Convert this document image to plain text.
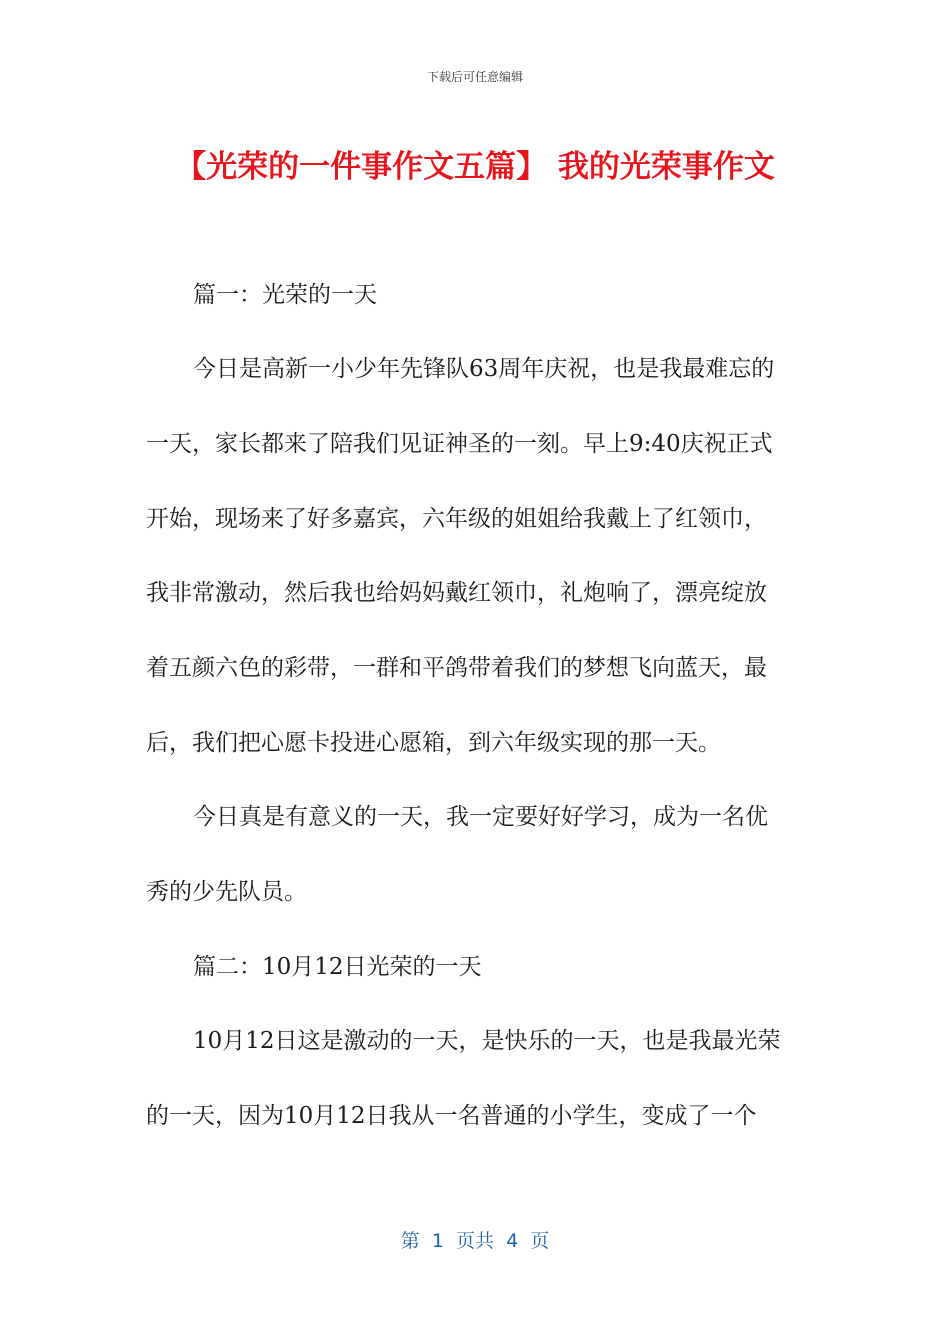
下载后可任意编辑
【光荣的一件事作文五篇】 我的光荣事作文
篇一：光荣的一天
今日是高新一小少年先锋队63周年庆祝，也是我最难忘的
一天，家长都来了陪我们见证神圣的一刻。早上9:40庆祝正式
开始，现场来了好多嘉宾，六年级的姐姐给我戴上了红领巾，
我非常激动，然后我也给妈妈戴红领巾，礼炮响了，漂亮绽放
着五颜六色的彩带，一群和平鸽带着我们的梦想飞向蓝天，最
后，我们把心愿卡投进心愿箱，到六年级实现的那一天。
今日真是有意义的一天，我一定要好好学习，成为一名优
秀的少先队员。
篇二：10月12日光荣的一天
10月12日这是激动的一天，是快乐的一天，也是我最光荣
的一天，因为10月12日我从一名普通的小学生，变成了一个
第  1  页共  4  页
